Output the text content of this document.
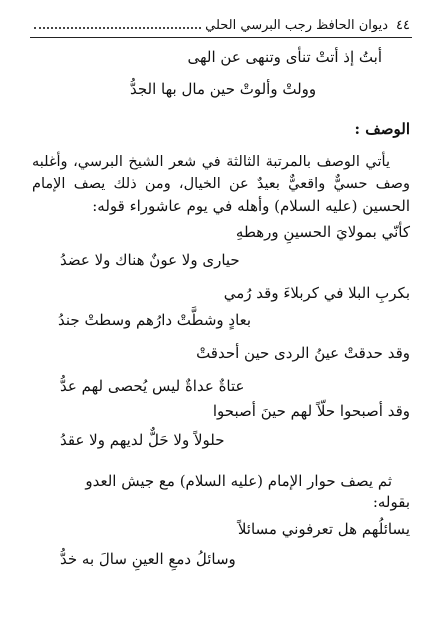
٤٤
ديوان الحافظ رجب البرسي الحلي
أبتُ إذ أتتْ تنأى وتنهى عن الهى
وولتْ وألوتْ حين مال بها الجدُّ
الوصف :
يأتي الوصف بالمرتبة الثالثة في شعر الشيخ البرسي، وأغلبه
وصف حسيٌّ واقعيٌّ بعيدٌ عن الخيال، ومن ذلك يصف الإمام
الحسين (عليه السلام) وأهله في يوم عاشوراء قوله:
كأنّي بمولايَ الحسينِ ورهطهِ
حيارى ولا عونٌ هناك ولا عضدُ
بكربِ البلا في كربلاءَ وقد رُمي
بعادٍ وشطَّتْ دارُهم وسطتْ جندُ
وقد حدقتْ عينُ الردى حين أحدقتْ
عتاةٌ عداةٌ ليس يُحصى لهم عدُّ
وقد أصبحوا حلّاً لهم حينَ أصبحوا
حلولاً ولا حَلٌّ لديهم ولا عقدُ
ثم يصف حوار الإمام (عليه السلام) مع جيش العدو
بقوله:
يسائلُهم هل تعرفوني مسائلاً
وسائلُ دمعِ العينِ سالَ به خدُّ
